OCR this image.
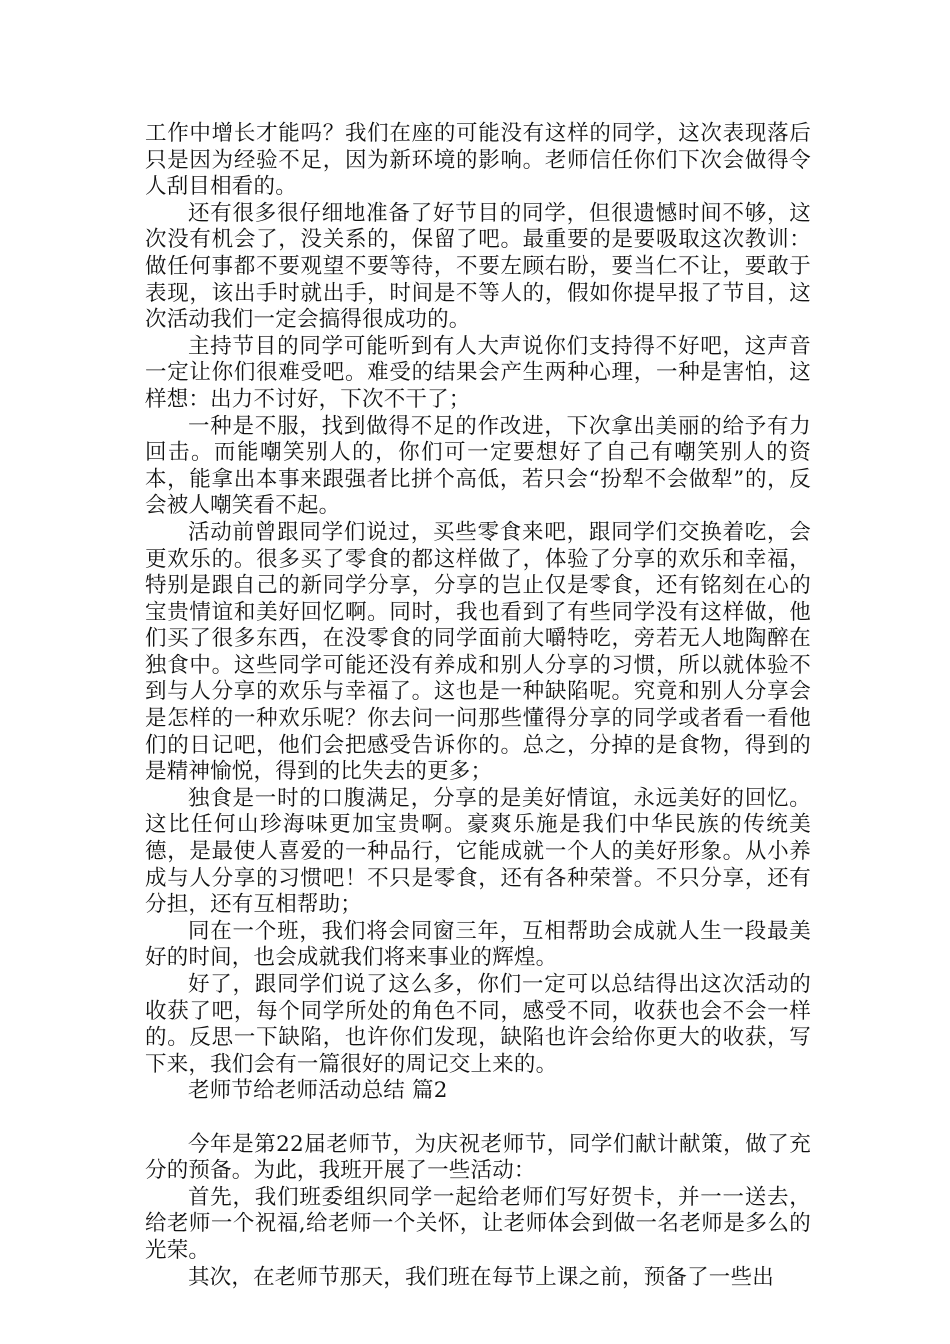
工作中增长才能吗？我们在座的可能没有这样的同学，这次表现落后只是因为经验不足，因为新环境的影响。老师信任你们下次会做得令人刮目相看的。

还有很多很仔细地准备了好节目的同学，但很遗憾时间不够，这次没有机会了，没关系的，保留了吧。最重要的是要吸取这次教训：做任何事都不要观望不要等待，不要左顾右盼，要当仁不让，要敢于表现，该出手时就出手，时间是不等人的，假如你提早报了节目，这次活动我们一定会搞得很成功的。

主持节目的同学可能听到有人大声说你们支持得不好吧，这声音一定让你们很难受吧。难受的结果会产生两种心理，一种是害怕，这样想：出力不讨好，下次不干了；

一种是不服，找到做得不足的作改进，下次拿出美丽的给予有力回击。而能嘲笑别人的，你们可一定要想好了自己有嘲笑别人的资本，能拿出本事来跟强者比拼个高低，若只会“扮犁不会做犁”的，反会被人嘲笑看不起。

活动前曾跟同学们说过，买些零食来吧，跟同学们交换着吃，会更欢乐的。很多买了零食的都这样做了，体验了分享的欢乐和幸福，特别是跟自己的新同学分享，分享的岂止仅是零食，还有铭刻在心的宝贵情谊和美好回忆啊。同时，我也看到了有些同学没有这样做，他们买了很多东西，在没零食的同学面前大嚼特吃，旁若无人地陶醉在独食中。这些同学可能还没有养成和别人分享的习惯，所以就体验不到与人分享的欢乐与幸福了。这也是一种缺陷呢。究竟和别人分享会是怎样的一种欢乐呢？你去问一问那些懂得分享的同学或者看一看他们的日记吧，他们会把感受告诉你的。总之，分掉的是食物，得到的是精神愉悦，得到的比失去的更多；

独食是一时的口腹满足，分享的是美好情谊，永远美好的回忆。这比任何山珍海味更加宝贵啊。豪爽乐施是我们中华民族的传统美德，是最使人喜爱的一种品行，它能成就一个人的美好形象。从小养成与人分享的习惯吧！不只是零食，还有各种荣誉。不只分享，还有分担，还有互相帮助；

同在一个班，我们将会同窗三年，互相帮助会成就人生一段最美好的时间，也会成就我们将来事业的辉煌。

好了，跟同学们说了这么多，你们一定可以总结得出这次活动的收获了吧，每个同学所处的角色不同，感受不同，收获也会不会一样的。反思一下缺陷，也许你们发现，缺陷也许会给你更大的收获，写下来，我们会有一篇很好的周记交上来的。

老师节给老师活动总结 篇2

今年是第22届老师节，为庆祝老师节，同学们献计献策，做了充分的预备。为此，我班开展了一些活动：

首先，我们班委组织同学一起给老师们写好贺卡，并一一送去，给老师一个祝福,给老师一个关怀，让老师体会到做一名老师是多么的光荣。

其次，在老师节那天，我们班在每节上课之前，预备了一些出
